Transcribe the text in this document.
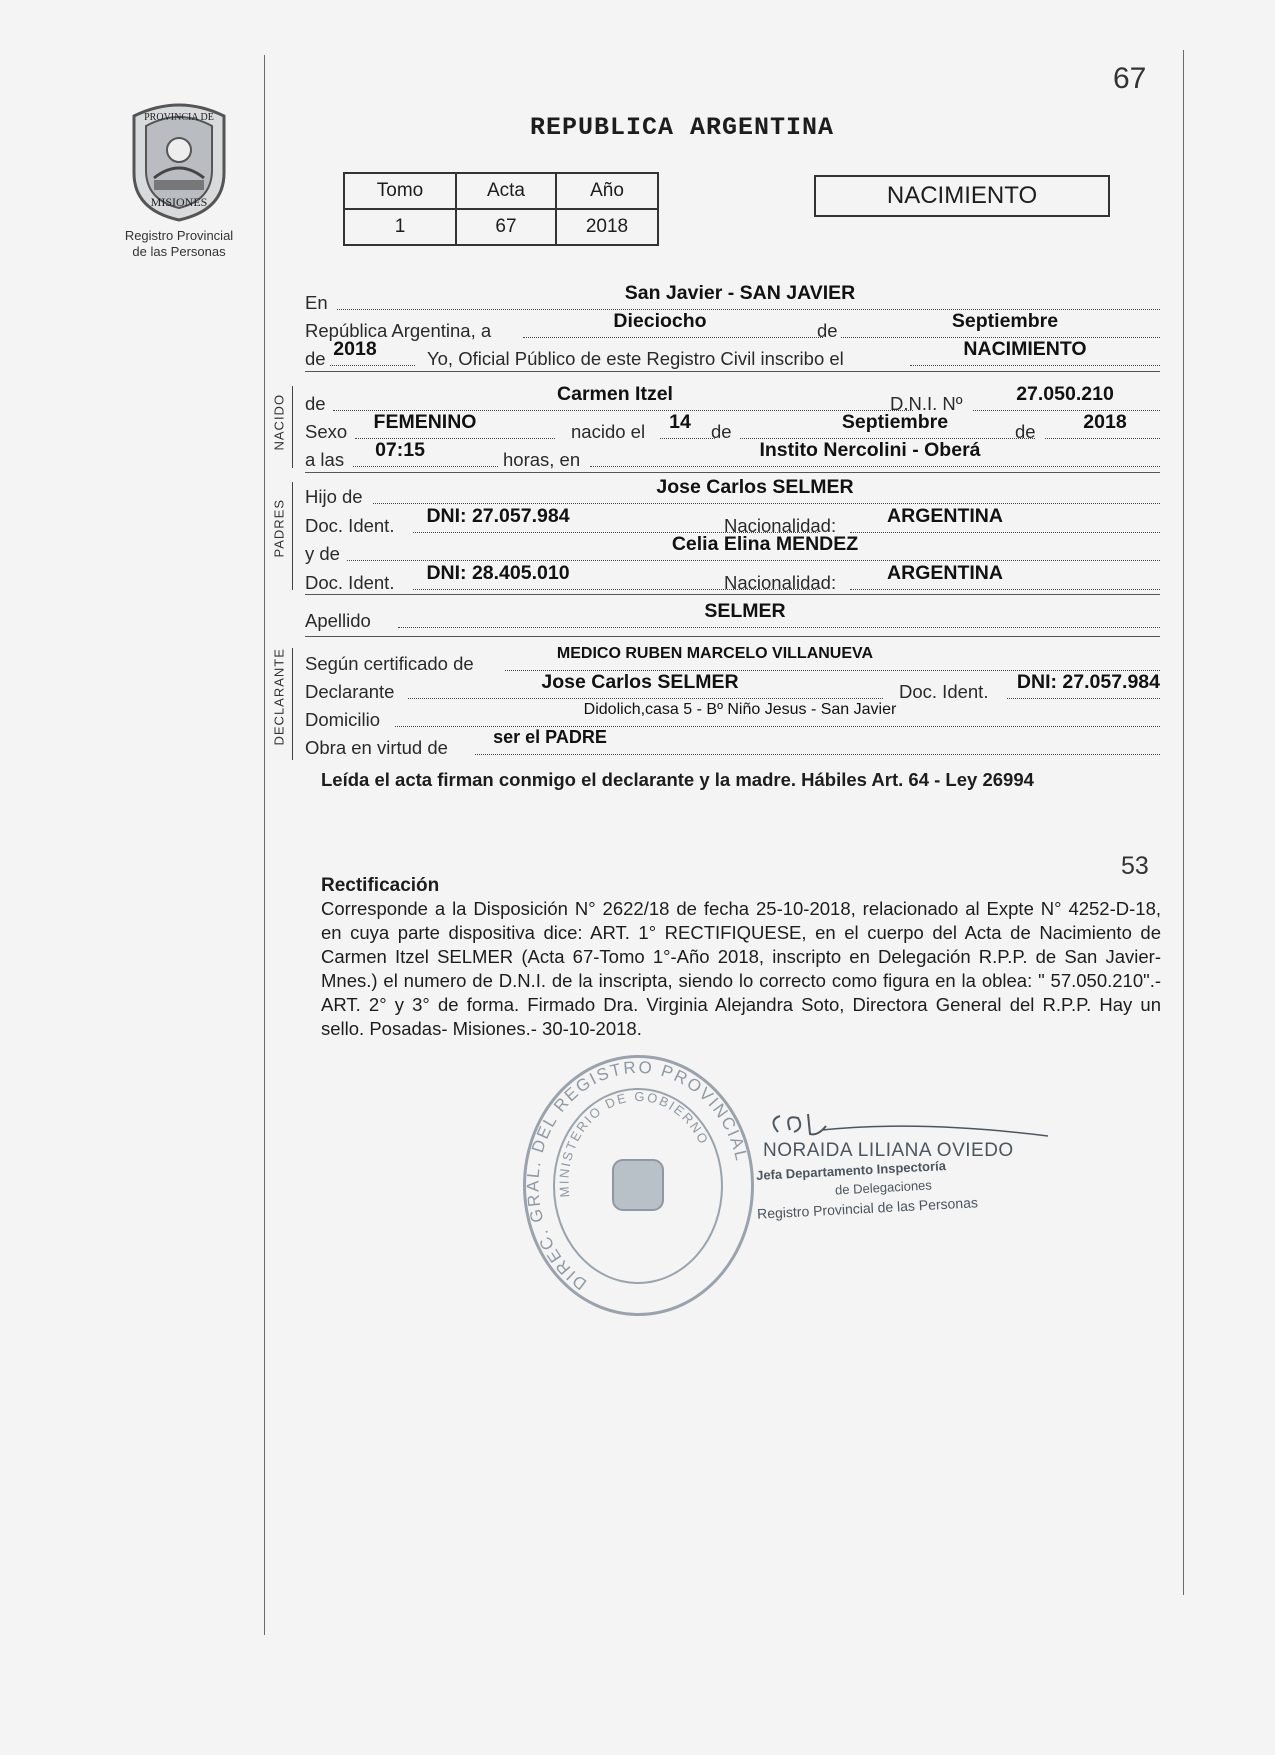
PROVINCIA DE
MISIONES
Registro Provincial
de las Personas
67
REPUBLICA ARGENTINA
Tomo	Acta	Año
1	67	2018
NACIMIENTO
En	San Javier - SAN JAVIER
República Argentina, a	Dieciocho	de	Septiembre
de 2018	Yo, Oficial Público de este Registro Civil inscribo el	NACIMIENTO
NACIDO de	Carmen Itzel	D.N.I. Nº	27.050.210
Sexo	FEMENINO	nacido el 14 de	Septiembre	de	2018
a las	07:15	horas, en	Instito Nercolini - Oberá
PADRES
Hijo de	Jose Carlos SELMER
Doc. Ident.	DNI: 27.057.984	Nacionalidad:	ARGENTINA
y de	Celia Elina MENDEZ
Doc. Ident.	DNI: 28.405.010	Nacionalidad:	ARGENTINA
Apellido	SELMER
DECLARANTE Según certificado de	MEDICO RUBEN MARCELO VILLANUEVA
Declarante	Jose Carlos SELMER	Doc. Ident.	DNI: 27.057.984
Domicilio	Didolich,casa 5 - Bº Niño Jesus - San Javier
Obra en virtud de	ser el PADRE
Leída el acta firman conmigo el declarante y la madre. Hábiles Art. 64 - Ley 26994
53
Rectificación
Corresponde a la Disposición N° 2622/18 de fecha 25-10-2018, relacionado al Expte N° 4252-D-18, en cuya parte dispositiva dice: ART. 1° RECTIFIQUESE, en el cuerpo del Acta de Nacimiento de Carmen Itzel SELMER (Acta 67-Tomo 1°-Año 2018, inscripto en Delegación R.P.P. de San Javier-Mnes.) el numero de D.N.I. de la inscripta, siendo lo correcto como figura en la oblea: " 57.050.210".- ART. 2° y 3° de forma. Firmado Dra. Virginia Alejandra Soto, Directora General del R.P.P. Hay un sello. Posadas- Misiones.- 30-10-2018.
DIREC. GRAL. DEL REGISTRO PROVINCIAL
MINISTERIO DE GOBIERNO
NORAIDA LILIANA OVIEDO
Jefa Departamento Inspectoría
de Delegaciones
Registro Provincial de las Personas
